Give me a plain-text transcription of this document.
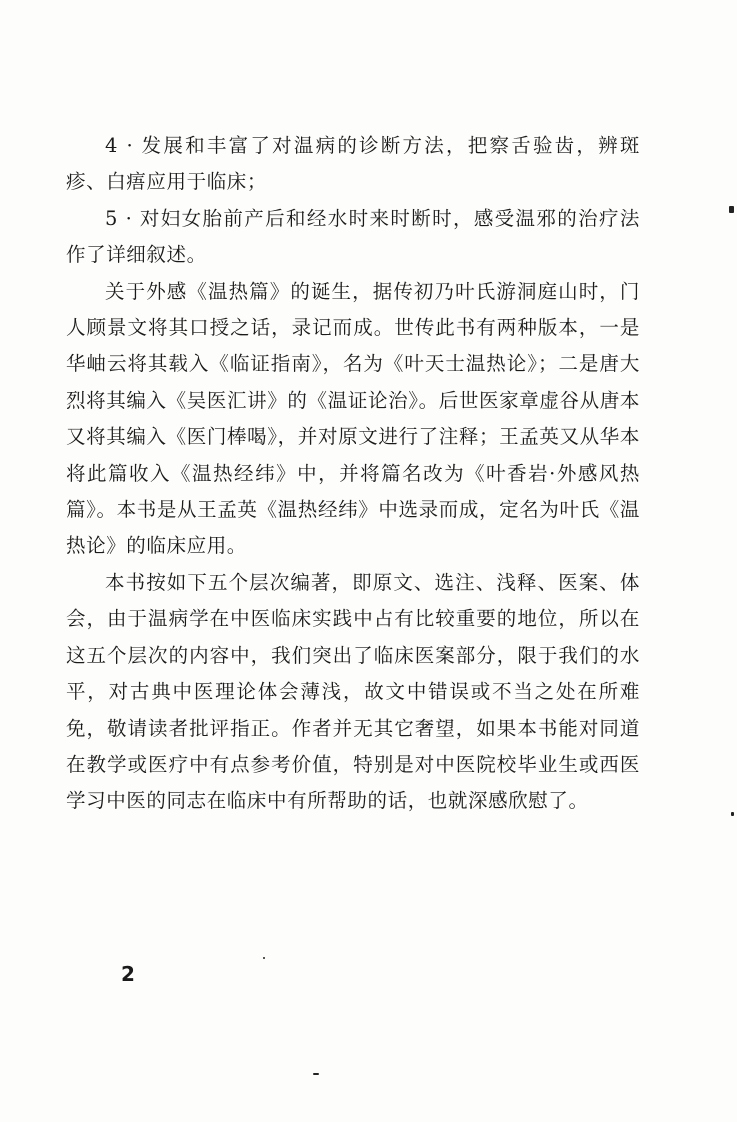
4 · 发展和丰富了对温病的诊断方法，把察舌验齿，辨斑疹、白痦应用于临床；

5 · 对妇女胎前产后和经水时来时断时，感受温邪的治疗法作了详细叙述。

关于外感《温热篇》的诞生，据传初乃叶氏游洞庭山时，门人顾景文将其口授之话，录记而成。世传此书有两种版本，一是华岫云将其载入《临证指南》，名为《叶天士温热论》；二是唐大烈将其编入《吴医汇讲》的《温证论治》。后世医家章虚谷从唐本又将其编入《医门棒喝》，并对原文进行了注释；王孟英又从华本将此篇收入《温热经纬》中，并将篇名改为《叶香岩·外感风热篇》。本书是从王孟英《温热经纬》中选录而成，定名为叶氏《温热论》的临床应用。

本书按如下五个层次编著，即原文、选注、浅释、医案、体会，由于温病学在中医临床实践中占有比较重要的地位，所以在这五个层次的内容中，我们突出了临床医案部分，限于我们的水平，对古典中医理论体会薄浅，故文中错误或不当之处在所难免，敬请读者批评指正。作者并无其它奢望，如果本书能对同道在教学或医疗中有点参考价值，特别是对中医院校毕业生或西医学习中医的同志在临床中有所帮助的话，也就深感欣慰了。

2
